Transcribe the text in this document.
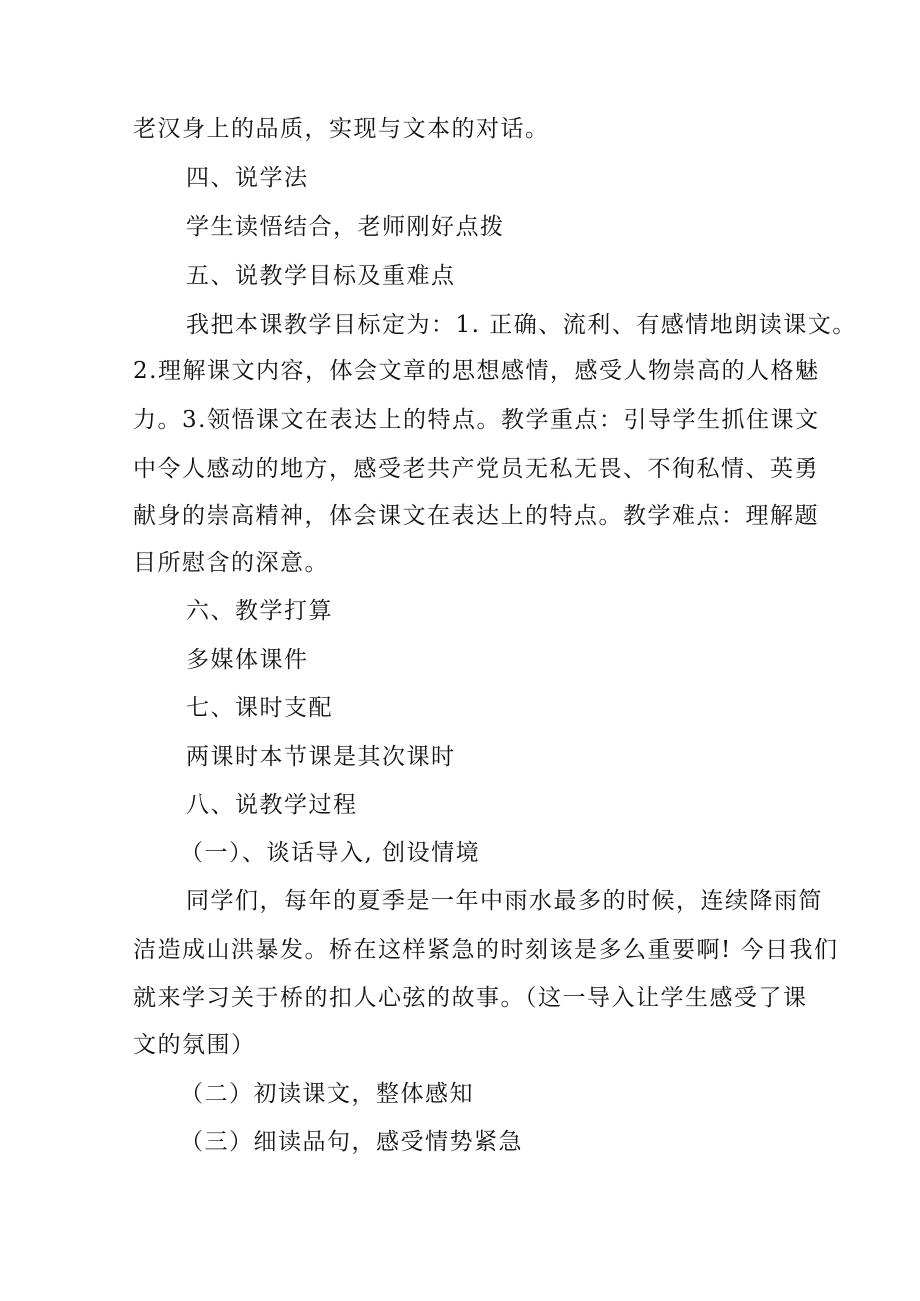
老汉身上的品质，实现与文本的对话。
四、说学法
学生读悟结合，老师刚好点拨
五、说教学目标及重难点
我把本课教学目标定为：1. 正确、流利、有感情地朗读课文。
2.理解课文内容，体会文章的思想感情，感受人物崇高的人格魅
力。3.领悟课文在表达上的特点。教学重点：引导学生抓住课文
中令人感动的地方，感受老共产党员无私无畏、不徇私情、英勇
献身的崇高精神，体会课文在表达上的特点。教学难点：理解题
目所慰含的深意。
六、教学打算
多媒体课件
七、课时支配
两课时本节课是其次课时
八、说教学过程
（一）、谈话导入, 创设情境
同学们，每年的夏季是一年中雨水最多的时候，连续降雨简
洁造成山洪暴发。桥在这样紧急的时刻该是多么重要啊! 今日我们
就来学习关于桥的扣人心弦的故事。（这一导入让学生感受了课
文的氛围）
（二）初读课文，整体感知
（三）细读品句，感受情势紧急
